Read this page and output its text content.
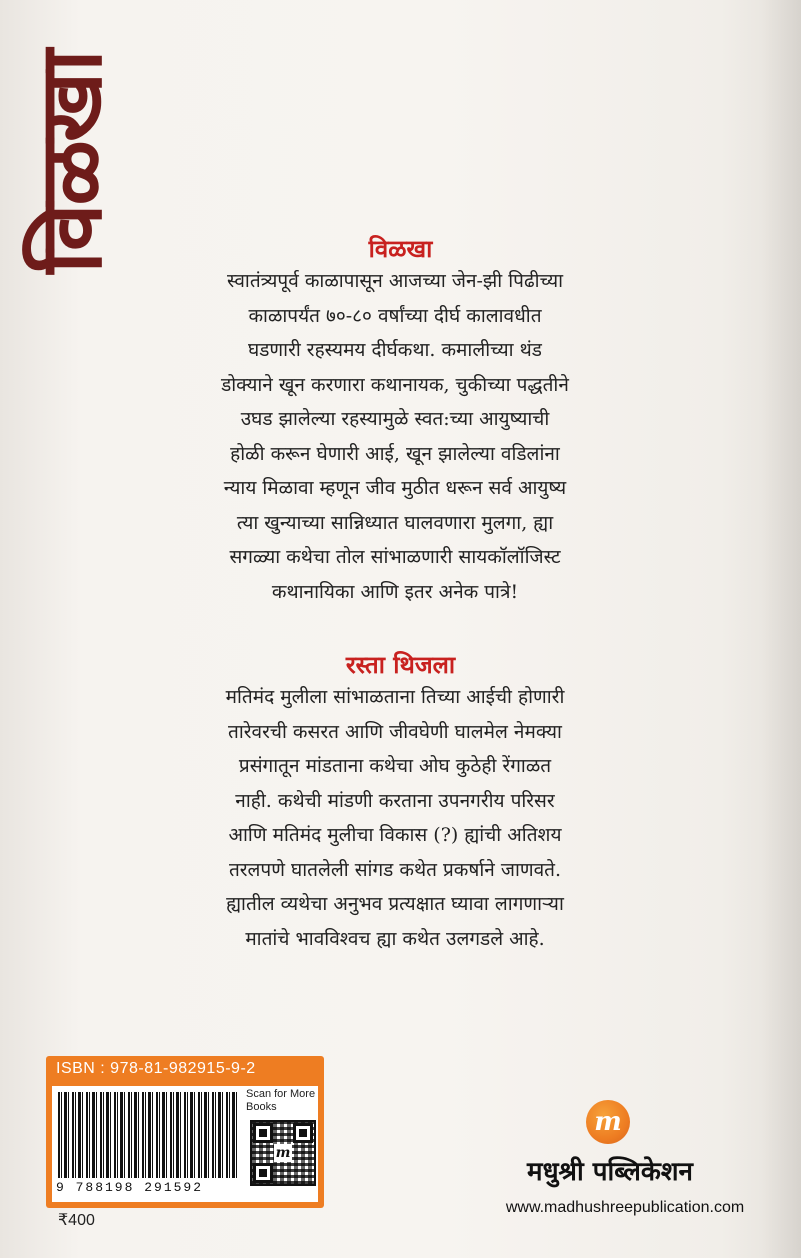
विळखा	विळखा
स्वातंत्र्यपूर्व काळापासून आजच्या जेन-झी पिढीच्या
काळापर्यंत ७०-८० वर्षांच्या दीर्घ कालावधीत
घडणारी रहस्यमय दीर्घकथा. कमालीच्या थंड
डोक्याने खून करणारा कथानायक, चुकीच्या पद्धतीने
उघड झालेल्या रहस्यामुळे स्वत:च्या आयुष्याची
होळी करून घेणारी आई, खून झालेल्या वडिलांना
न्याय मिळावा म्हणून जीव मुठीत धरून सर्व आयुष्य
त्या खुन्याच्या सान्निध्यात घालवणारा मुलगा, ह्या
सगळ्या कथेचा तोल सांभाळणारी सायकॉलॉजिस्ट
कथानायिका आणि इतर अनेक पात्रे!
रस्ता थिजला
मतिमंद मुलीला सांभाळताना तिच्या आईची होणारी
तारेवरची कसरत आणि जीवघेणी घालमेल नेमक्या
प्रसंगातून मांडताना कथेचा ओघ कुठेही रेंगाळत
नाही. कथेची मांडणी करताना उपनगरीय परिसर
आणि मतिमंद मुलीचा विकास (?) ह्यांची अतिशय
तरलपणे घातलेली सांगड कथेत प्रकर्षाने जाणवते.
ह्यातील व्यथेचा अनुभव प्रत्यक्षात घ्यावा लागणाऱ्या
मातांचे भावविश्वच ह्या कथेत उलगडले आहे.
ISBN : 978-81-982915-9-2
9 788198 291592
Scan for More Books
m
₹400
m
मधुश्री पब्लिकेशन
www.madhushreepublication.com
